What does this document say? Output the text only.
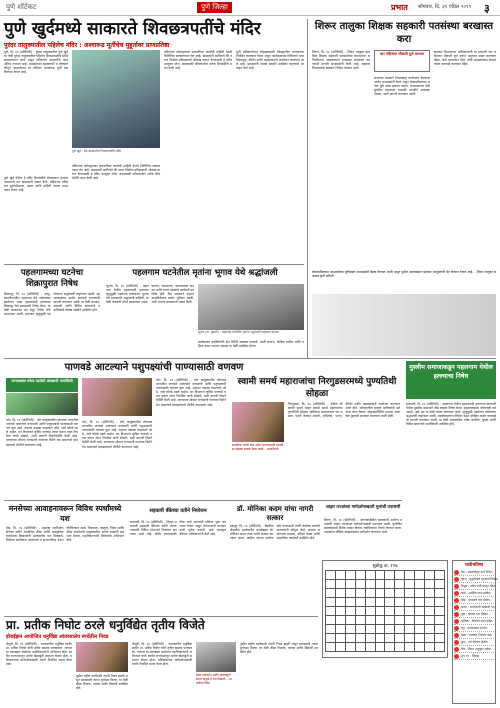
पुणे शॉर्टकट	पुणे जिल्हा	प्रभात सोमवार, दि. ३१ एप्रिल २०१९ ३
पुणे खुर्दमध्ये साकारते शिवछत्रपतींचे मंदिर
पुरंदर तालुक्यातील पहिलेच मंदिर : अश्वारूढ मूर्तीचेच मुहूर्तावर प्राणप्रतिष्ठा
पुणे, दि. १४ (प्रतिनिधी) - पुरंदर तालुक्यातील पुणे खुर्द या गावी पुरंदर तालुक्यातील पहिलेच शिवछत्रपतींचे मंदिर साकारण्यात आले असून मंदिराच्या उभारणीचे काम अंतिम टप्प्यात आहे. ग्रामस्थांच्या सहकार्याने व लोकवर्गणीतून उभारलेल्या या मंदिरात अश्वारूढ मूर्ती बसविण्यात येणार आहे.
पुणे खुर्द येथील हे मंदिर शिवप्रेमींचे प्रेरणास्थान ठरणार असल्याचे मत ग्रामस्थांनी व्यक्त केले. मंदिराच्या परिसरात सुशोभीकरण, उद्यान आणि माहिती फलक उभारण्यात येणार आहे.
पुणे खुर्द : येथे साकारलेले शिवछत्रपतींचे मंदिर
मंदिराच्या प्रवेशद्वारावर छत्रपतींच्या कार्याची माहिती देणारे भित्तिचित्र साकारण्यात येत आहे. ग्रामस्थांनी सांगितले की तरुण पिढीला इतिहासाची ओळख करून देण्यासाठी हे मंदिर उपयुक्त ठरेल. कामासाठी परिसरातील अनेक शिवप्रेमींनी मदत केली आहे.
मंदिराच्या प्रवेशद्वारावर छत्रपतींच्या कार्याची माहिती देणारे भित्तिचित्र साकारण्यात येत आहे. ग्रामस्थांनी सांगितले की तरुण पिढीला इतिहासाची ओळख करून देण्यासाठी हे मंदिर उपयुक्त ठरेल. कामासाठी परिसरातील अनेक शिवप्रेमींनी मदत केली आहे.
मूर्ती प्रतिष्ठापनेच्या सोहळ्यासाठी जिल्ह्यातील मान्यवरांना निमंत्रित करण्यात येणार असून कार्यक्रमाच्या निमित्ताने भव्य मिरवणूक, कीर्तन आणि महाप्रसादाचे आयोजन करण्यात आले आहे. ग्रामस्थांनी मोठ्या संख्येने उपस्थित राहण्याचे आवाहन केले आहे.
शिरूर तालुका शिक्षक सहकारी पतसंस्था बरखास्त करा
शिरूर, दि. १४ (प्रतिनिधी) - शिरूर तालुका प्राथमिक शिक्षक सहकारी पतसंस्थेच्या कारभारात अनियमितता आढळल्याने पतसंस्था बरखास्त करण्याची मागणी सभासदांनी केली आहे. सहकार विभागाकडे याबाबत निवेदन देण्यात आले.
चार महिन्यात चौकशी पूर्ण करणार
संचालक मंडळाने नियमबाह्य कर्जवाटप केल्याचा आरोप सभासदांनी केला असून लेखापरीक्षणात अनेक त्रुटी उघड झाल्या आहेत. सभासदांच्या ठेवी सुरक्षित राहाव्यात यासाठी तातडीने प्रशासक नेमावा, अशी मागणी करण्यात आली.
सहकार विभागाच्या अधिकाऱ्यांनी या प्रकरणी चार महिन्यात चौकशी पूर्ण करून अहवाल सादर करण्यात येईल, असे आश्वासन दिले. दोषी आढळल्यास संचालकांवर कारवाई करण्यात येईल.
लेखापरीक्षणात आढळलेल्या त्रुटींबाबत सभासदांची बैठक घेण्यात आली असून पुढील आठवड्यात सहकार आयुक्तांची भेट घेण्यात येणार आहे. - शिरूर तालुका सभासद कृती समिती
पहलगामच्या घटनेचा शिक्रापुरात निषेध
शिक्रापूर, दि. १४ (प्रतिनिधी) - जम्मू-काश्मीरमधील पहलगाम येथे पर्यटकांवर झालेल्या भ्याड दहशतवादी हल्ल्याचा शिक्रापूर येथे ग्रामस्थांनी निषेध केला. या वेळी बाजारपेठ बंद ठेवून निषेध फेरी काढण्यात आली. हल्ल्यात मृत्युमुखी पडलेल्यांना श्रद्धांजली वाहण्यात आली. दहशतवाद्यांवर कठोर कारवाई करण्याची मागणी करण्यात आली. या वेळी ग्रामस्थ, व्यापारी आणि विविध संघटनांचे पदाधिकारी मोठ्या संख्येने उपस्थित होते.
पहलगाम घटनेतील मृतांना भूगाव येथे श्रद्धांजली
भूगाव, दि. १४ (प्रतिनिधी) - पहलगाम येथील दहशतवादी हल्ल्यात मृत्युमुखी पडलेल्या पर्यटकांना भूगाव येथे ग्रामस्थांनी श्रद्धांजली वाहिली. या वेळी मेणबत्ती मोर्चा काढण्यात आला. सरपंच, उपसरपंच, ग्रामपंचायत सदस्य आणि तरुण मंडळाचे कार्यकर्ते उपस्थित होते. केंद्र सरकारने दहशतवादाविरोधात कठोर भूमिका घ्यावी, अशी भावना ग्रामस्थांनी व्यक्त केली.
भूगाव (ता. मुळशी) : पहलगाम घटनेतील मृतांना श्रद्धांजली वाहताना ग्रामस्थ
कार्यक्रमात उपस्थितांनी दोन मिनिटे स्तब्धता पाळली. माजी सरपंच, पोलीस पाटील आणि महिला बचत गटाच्या सदस्या या वेळी उपस्थित होत्या.
पाणवडे आटल्याने पशुपक्ष्यांची पाण्यासाठी वणवण
पाणवठ्यांत कोरड पडलेली ओढ्याची पाणस्थिती
भोर, दि. १४ (प्रतिनिधी) - भोर तालुक्यातील डोंगराळ भागातील पाणवठे आटल्याने वन्यप्राणी आणि पशुपक्ष्यांची पाण्यासाठी वणवण सुरू आहे. उन्हाचा तडाखा वाढल्याने ओढे, नाले कोरडे पडले आहेत. वन विभागाने कृत्रिम पाणवठे तयार करून त्यात नियमित पाणी सोडावे, अशी मागणी निसर्गप्रेमींनी केली आहे. पाण्याच्या शोधात वन्यप्राणी गावांच्या दिशेने येत असल्याने ग्रामस्थांमध्ये भीतीचे वातावरण आहे.
भोर, दि. १४ (प्रतिनिधी) - भोर तालुक्यातील डोंगराळ भागातील पाणवठे आटल्याने वन्यप्राणी आणि पशुपक्ष्यांची पाण्यासाठी वणवण सुरू आहे. उन्हाचा तडाखा वाढल्याने ओढे, नाले कोरडे पडले आहेत. वन विभागाने कृत्रिम पाणवठे तयार करून त्यात नियमित पाणी सोडावे, अशी मागणी निसर्गप्रेमींनी केली आहे. पाण्याच्या शोधात वन्यप्राणी गावांच्या दिशेने येत असल्याने ग्रामस्थांमध्ये भीतीचे वातावरण आहे.
भोर, दि. १४ (प्रतिनिधी) - भोर तालुक्यातील डोंगराळ भागातील पाणवठे आटल्याने वन्यप्राणी आणि पशुपक्ष्यांची पाण्यासाठी वणवण सुरू आहे. उन्हाचा तडाखा वाढल्याने ओढे, नाले कोरडे पडले आहेत. वन विभागाने कृत्रिम पाणवठे तयार करून त्यात नियमित पाणी सोडावे, अशी मागणी निसर्गप्रेमींनी केली आहे. पाण्याच्या शोधात वन्यप्राणी गावांच्या दिशेने येत असल्याने ग्रामस्थांमध्ये भीतीचे वातावरण आहे.
स्वामी समर्थ महाराजांचा निरगुडसरमध्ये पुण्यतिथी सोहळा
स्वामींच्या चरणी सेवा अर्पण करण्यासाठी दरवर्षी हा सोहळा साजरा केला जातो. - मठाधिपती
निरगुडसर, दि. १४ (प्रतिनिधी) - येथील श्री स्वामी समर्थ मठात स्वामी समर्थ महाराजांचा पुण्यतिथी सोहळा भक्तिमय वातावरणात पार पडला. पहाटे काकड आरती, अभिषेक, भजन, कीर्तन आणि महाप्रसादाचे आयोजन करण्यात आले होते. परिसरातील हजारो भाविकांनी दर्शनाचा लाभ घेतला. सोहळ्यानिमित्त मठाला आकर्षक फुलांची सजावट करण्यात आली होती.
मुस्लीम समाजाकडून पहलगाम येथील हल्ल्याचा निषेध
बारामती, दि. १४ (प्रतिनिधी) - पहलगाम येथील दहशतवादी हल्ल्याचा बारामती येथील मुस्लीम समाजाने तीव्र शब्दांत निषेध केला. दहशतवादाला कोणताही धर्म नसतो, असे मत या वेळी व्यक्त करण्यात आले. मृत्युमुखी पडलेल्या पर्यटकांना श्रद्धांजली वाहण्यात आली. तहसीलदारांना निवेदन देऊन दोषींवर कठोर कारवाईची मागणी करण्यात आली. या वेळी समाजातील ज्येष्ठ नागरिक, युवक आणि विविध संघटनांचे पदाधिकारी उपस्थित होते.
मनसेच्या आवाहनावरून विविध स्पर्धांमध्ये यश
दौंड, दि. १४ (प्रतिनिधी) - महाराष्ट्र नवनिर्माण सेनेच्या वतीने आयोजित क्रीडा आणि सांस्कृतिक स्पर्धांमध्ये विद्यार्थ्यांनी उल्लेखनीय यश मिळवले. विजेत्या स्पर्धकांना प्रमाणपत्र व सन्मानचिन्ह देऊन गौरविण्यात आले. चित्रकला, वक्तृत्व, निबंध आणि क्रीडा स्पर्धांमध्ये तालुक्यातील अनेक शाळांनी सहभाग घेतला. पदाधिकाऱ्यांनी विजेत्यांचे अभिनंदन केले.
सहकारी बँकेच्या वतीने नियोजन
बारामती, दि. १४ (प्रतिनिधी) - जिल्हा मध्यवर्ती सहकारी बँकेच्या वतीने शेतकऱ्यांसाठी विविध योजनांचे नियोजन करण्यात आले आहे. खरीप हंगामासाठी पीक कर्ज वाटपाची प्रक्रिया सुरू करण्यात येणार असून शेतकऱ्यांनी कागदपत्रांची पूर्तता करावी, असे आवाहन बँकेच्या अधिकाऱ्यांनी केले आहे.
डॉ. मोनिका कदम यांचा नागरी सत्कार
इंदापूर, दि. १४ (प्रतिनिधी) - वैद्यकीय क्षेत्रातील उल्लेखनीय कार्याबद्दल डॉ. मोनिका कदम यांचा नागरी सत्कार करण्यात आला. ग्रामीण भागात आरोग्य सेवा देण्यासाठी त्यांनी केलेल्या कार्याचे मान्यवरांनी कौतुक केले. सत्कार समारंभास ग्रामस्थ, महिला मंडळ आणि सामाजिक कार्यकर्ते उपस्थित होते.
आहार तज्ज्ञांच्या मार्गदर्शनाखाली मुलांची तपासणी
शिरूर, दि. १४ (प्रतिनिधी) - अंगणवाडीतील बालकांची आरोग्य तपासणी आहार तज्ज्ञांच्या मार्गदर्शनाखाली करण्यात आली. कुपोषित बालकांसाठी विशेष आहार योजना राबविण्याचा निर्णय घेण्यात आला. पालकांना पौष्टिक आहाराबाबत मार्गदर्शन करण्यात आले.
सुडोकू क्र. ११७

												राशीभविष्य
मेष : अडचणीतून मार्ग निघेल.
वृषभ : कुटुंबीयांचे सहकार्य मिळेल.
मिथुन : नवीन संधी चालून येईल.
कर्क : आर्थिक लाभ होतील.
सिंह : प्रवासाचे योग येतील.
कन्या : आरोग्याची काळजी घ्या.
तूळ : कामात यश मिळेल.
वृश्चिक : मित्रांची मदत होईल.
धनु : मानसन्मान लाभेल.
मकर : खर्चावर नियंत्रण ठेवा.
कुंभ : नवे परिचय होतील.
मीन : दिवस अनुकूल राहील.
शुभ रंग : पिवळा
प्रा. प्रतीक निघोट ठरले धनुर्विद्येत तृतीय विजेते
होराईझन आयोजित धनुर्विद्या आंतरशालेय स्पर्धेतील निवड
जेजुरी, दि. १४ (प्रतिनिधी) - राज्यस्तरीय धनुर्विद्या स्पर्धेत प्रा. प्रतीक निघोट यांनी तृतीय क्रमांक पटकावला. त्यांच्या या यशाबद्दल संस्थेच्या पदाधिकाऱ्यांनी अभिनंदन केले. स्पर्धेत राज्यभरातून अनेक खेळाडूंनी सहभाग घेतला होता. प्रशिक्षकांच्या मार्गदर्शनाखाली त्यांनी नियमित सराव केला होता.
पुढील राष्ट्रीय स्पर्धेसाठी त्यांची निवड झाली असून ग्रामस्थांनी त्यांना शुभेच्छा दिल्या. या वेळी क्रीडा शिक्षक, पालक आणि विद्यार्थी उपस्थित होते.
जेजुरी, दि. १४ (प्रतिनिधी) - राज्यस्तरीय धनुर्विद्या स्पर्धेत प्रा. प्रतीक निघोट यांनी तृतीय क्रमांक पटकावला. त्यांच्या या यशाबद्दल संस्थेच्या पदाधिकाऱ्यांनी अभिनंदन केले. स्पर्धेत राज्यभरातून अनेक खेळाडूंनी सहभाग घेतला होता. प्रशिक्षकांच्या मार्गदर्शनाखाली त्यांनी नियमित सराव केला होता.
योग्य मार्गदर्शन आणि सातत्यपूर्ण सराव यामुळे हे यश मिळाले. - प्रा. प्रतीक निघोट
पुढील राष्ट्रीय स्पर्धेसाठी त्यांची निवड झाली असून ग्रामस्थांनी त्यांना शुभेच्छा दिल्या. या वेळी क्रीडा शिक्षक, पालक आणि विद्यार्थी उपस्थित होते.
